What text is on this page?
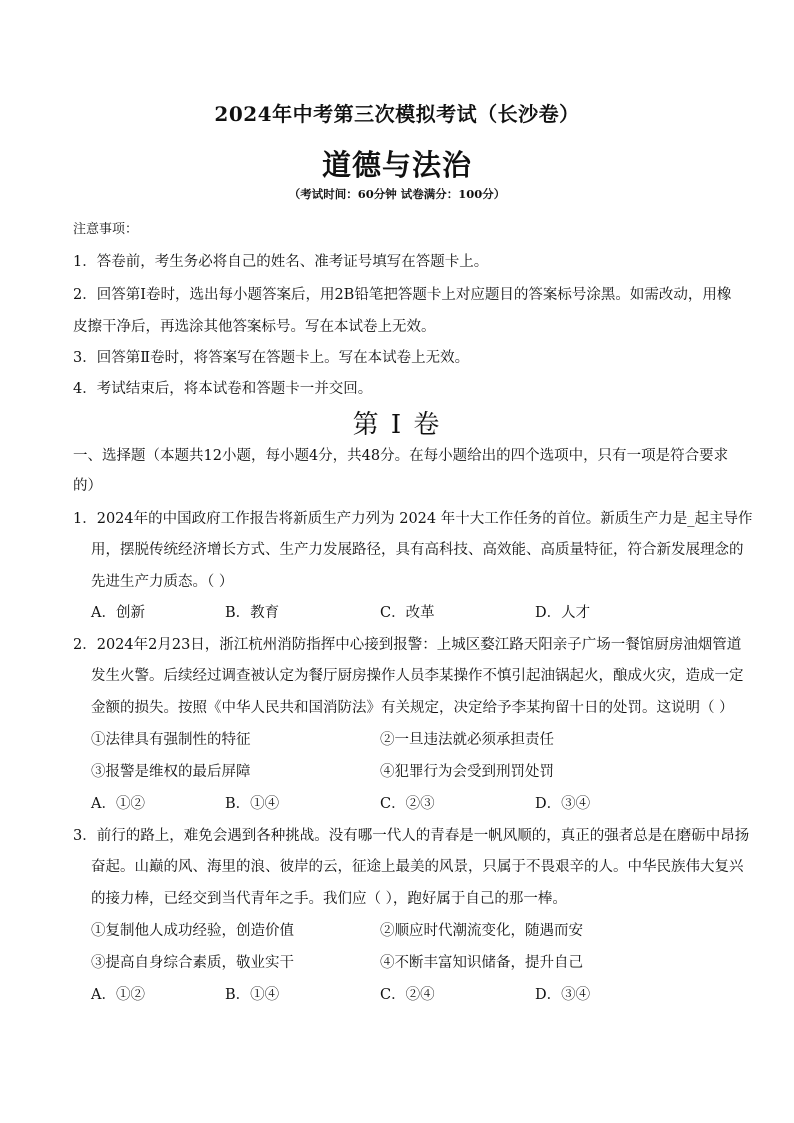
2024年中考第三次模拟考试（长沙卷）
道德与法治
（考试时间：60分钟 试卷满分：100分）
注意事项：
1．答卷前，考生务必将自己的姓名、准考证号填写在答题卡上。
2．回答第Ⅰ卷时，选出每小题答案后，用2B铅笔把答题卡上对应题目的答案标号涂黑。如需改动，用橡
皮擦干净后，再选涂其他答案标号。写在本试卷上无效。
3．回答第Ⅱ卷时，将答案写在答题卡上。写在本试卷上无效。
4．考试结束后，将本试卷和答题卡一并交回。
第 I 卷
一、选择题（本题共12小题，每小题4分，共48分。在每小题给出的四个选项中，只有一项是符合要求
的）
1．2024年的中国政府工作报告将新质生产力列为 2024 年十大工作任务的首位。新质生产力是_起主导作
用，摆脱传统经济增长方式、生产力发展路径，具有高科技、高效能、高质量特征，符合新发展理念的
先进生产力质态。（ ）
A．创新	B．教育	C．改革	D．人才
2．2024年2月23日，浙江杭州消防指挥中心接到报警：上城区婺江路天阳亲子广场一餐馆厨房油烟管道
发生火警。后续经过调查被认定为餐厅厨房操作人员李某操作不慎引起油锅起火，酿成火灾，造成一定
金额的损失。按照《中华人民共和国消防法》有关规定，决定给予李某拘留十日的处罚。这说明（ ）
①法律具有强制性的特征	②一旦违法就必须承担责任
③报警是维权的最后屏障	④犯罪行为会受到刑罚处罚
A．①②	B．①④	C．②③	D．③④
3．前行的路上，难免会遇到各种挑战。没有哪一代人的青春是一帆风顺的，真正的强者总是在磨砺中昂扬
奋起。山巅的风、海里的浪、彼岸的云，征途上最美的风景，只属于不畏艰辛的人。中华民族伟大复兴
的接力棒，已经交到当代青年之手。我们应（ ），跑好属于自己的那一棒。
①复制他人成功经验，创造价值	②顺应时代潮流变化，随遇而安
③提高自身综合素质，敬业实干	④不断丰富知识储备，提升自己
A．①②	B．①④	C．②④	D．③④
